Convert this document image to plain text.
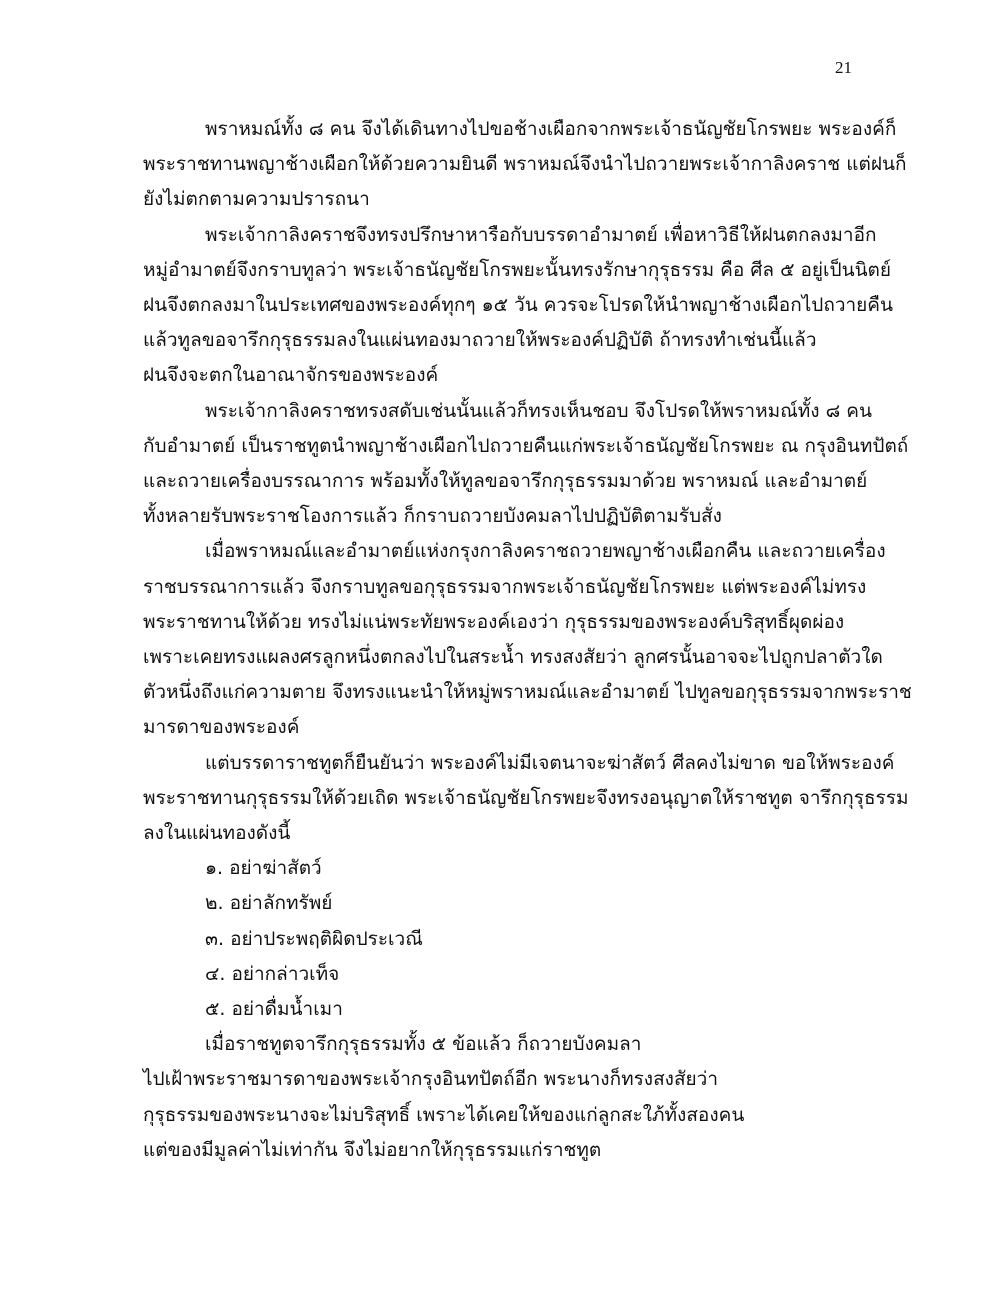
21

พราหมณ์ทั้ง ๘ คน จึงได้เดินทางไปขอช้างเผือกจากพระเจ้าธนัญชัยโกรพยะ พระองค์ก็

พระราชทานพญาช้างเผือกให้ด้วยความยินดี พราหมณ์จึงนำไปถวายพระเจ้ากาลิงคราช แต่ฝนก็

ยังไม่ตกตามความปรารถนา

พระเจ้ากาลิงคราชจึงทรงปรึกษาหารือกับบรรดาอำมาตย์ เพื่อหาวิธีให้ฝนตกลงมาอีก

หมู่อำมาตย์จึงกราบทูลว่า พระเจ้าธนัญชัยโกรพยะนั้นทรงรักษากุรุธรรม คือ ศีล ๕ อยู่เป็นนิตย์

ฝนจึงตกลงมาในประเทศของพระองค์ทุกๆ ๑๕ วัน ควรจะโปรดให้นำพญาช้างเผือกไปถวายคืน

แล้วทูลขอจารึกกุรุธรรมลงในแผ่นทองมาถวายให้พระองค์ปฏิบัติ ถ้าทรงทำเช่นนี้แล้ว

ฝนจึงจะตกในอาณาจักรของพระองค์

พระเจ้ากาลิงคราชทรงสดับเช่นนั้นแล้วก็ทรงเห็นชอบ จึงโปรดให้พราหมณ์ทั้ง ๘ คน

กับอำมาตย์ เป็นราชทูตนำพญาช้างเผือกไปถวายคืนแก่พระเจ้าธนัญชัยโกรพยะ ณ กรุงอินทปัตถ์

และถวายเครื่องบรรณาการ พร้อมทั้งให้ทูลขอจารึกกุรุธรรมมาด้วย พราหมณ์ และอำมาตย์

ทั้งหลายรับพระราชโองการแล้ว ก็กราบถวายบังคมลาไปปฏิบัติตามรับสั่ง

เมื่อพราหมณ์และอำมาตย์แห่งกรุงกาลิงคราชถวายพญาช้างเผือกคืน และถวายเครื่อง

ราชบรรณาการแล้ว จึงกราบทูลขอกุรุธรรมจากพระเจ้าธนัญชัยโกรพยะ แต่พระองค์ไม่ทรง

พระราชทานให้ด้วย ทรงไม่แน่พระทัยพระองค์เองว่า กุรุธรรมของพระองค์บริสุทธิ์ผุดผ่อง

เพราะเคยทรงแผลงศรลูกหนึ่งตกลงไปในสระน้ำ ทรงสงสัยว่า ลูกศรนั้นอาจจะไปถูกปลาตัวใด

ตัวหนึ่งถึงแก่ความตาย จึงทรงแนะนำให้หมู่พราหมณ์และอำมาตย์ ไปทูลขอกุรุธรรมจากพระราช

มารดาของพระองค์

แต่บรรดาราชทูตก็ยืนยันว่า พระองค์ไม่มีเจตนาจะฆ่าสัตว์ ศีลคงไม่ขาด ขอให้พระองค์

พระราชทานกุรุธรรมให้ด้วยเถิด พระเจ้าธนัญชัยโกรพยะจึงทรงอนุญาตให้ราชทูต จารึกกุรุธรรม

ลงในแผ่นทองดังนี้

๑. อย่าฆ่าสัตว์

๒. อย่าลักทรัพย์

๓. อย่าประพฤติผิดประเวณี

๔. อย่ากล่าวเท็จ

๕. อย่าดื่มน้ำเมา

เมื่อราชทูตจารึกกุรุธรรมทั้ง ๕ ข้อแล้ว ก็ถวายบังคมลา

ไปเฝ้าพระราชมารดาของพระเจ้ากรุงอินทปัตถ์อีก พระนางก็ทรงสงสัยว่า

กุรุธรรมของพระนางจะไม่บริสุทธิ์ เพราะได้เคยให้ของแก่ลูกสะใภ้ทั้งสองคน

แต่ของมีมูลค่าไม่เท่ากัน จึงไม่อยากให้กุรุธรรมแก่ราชทูต
